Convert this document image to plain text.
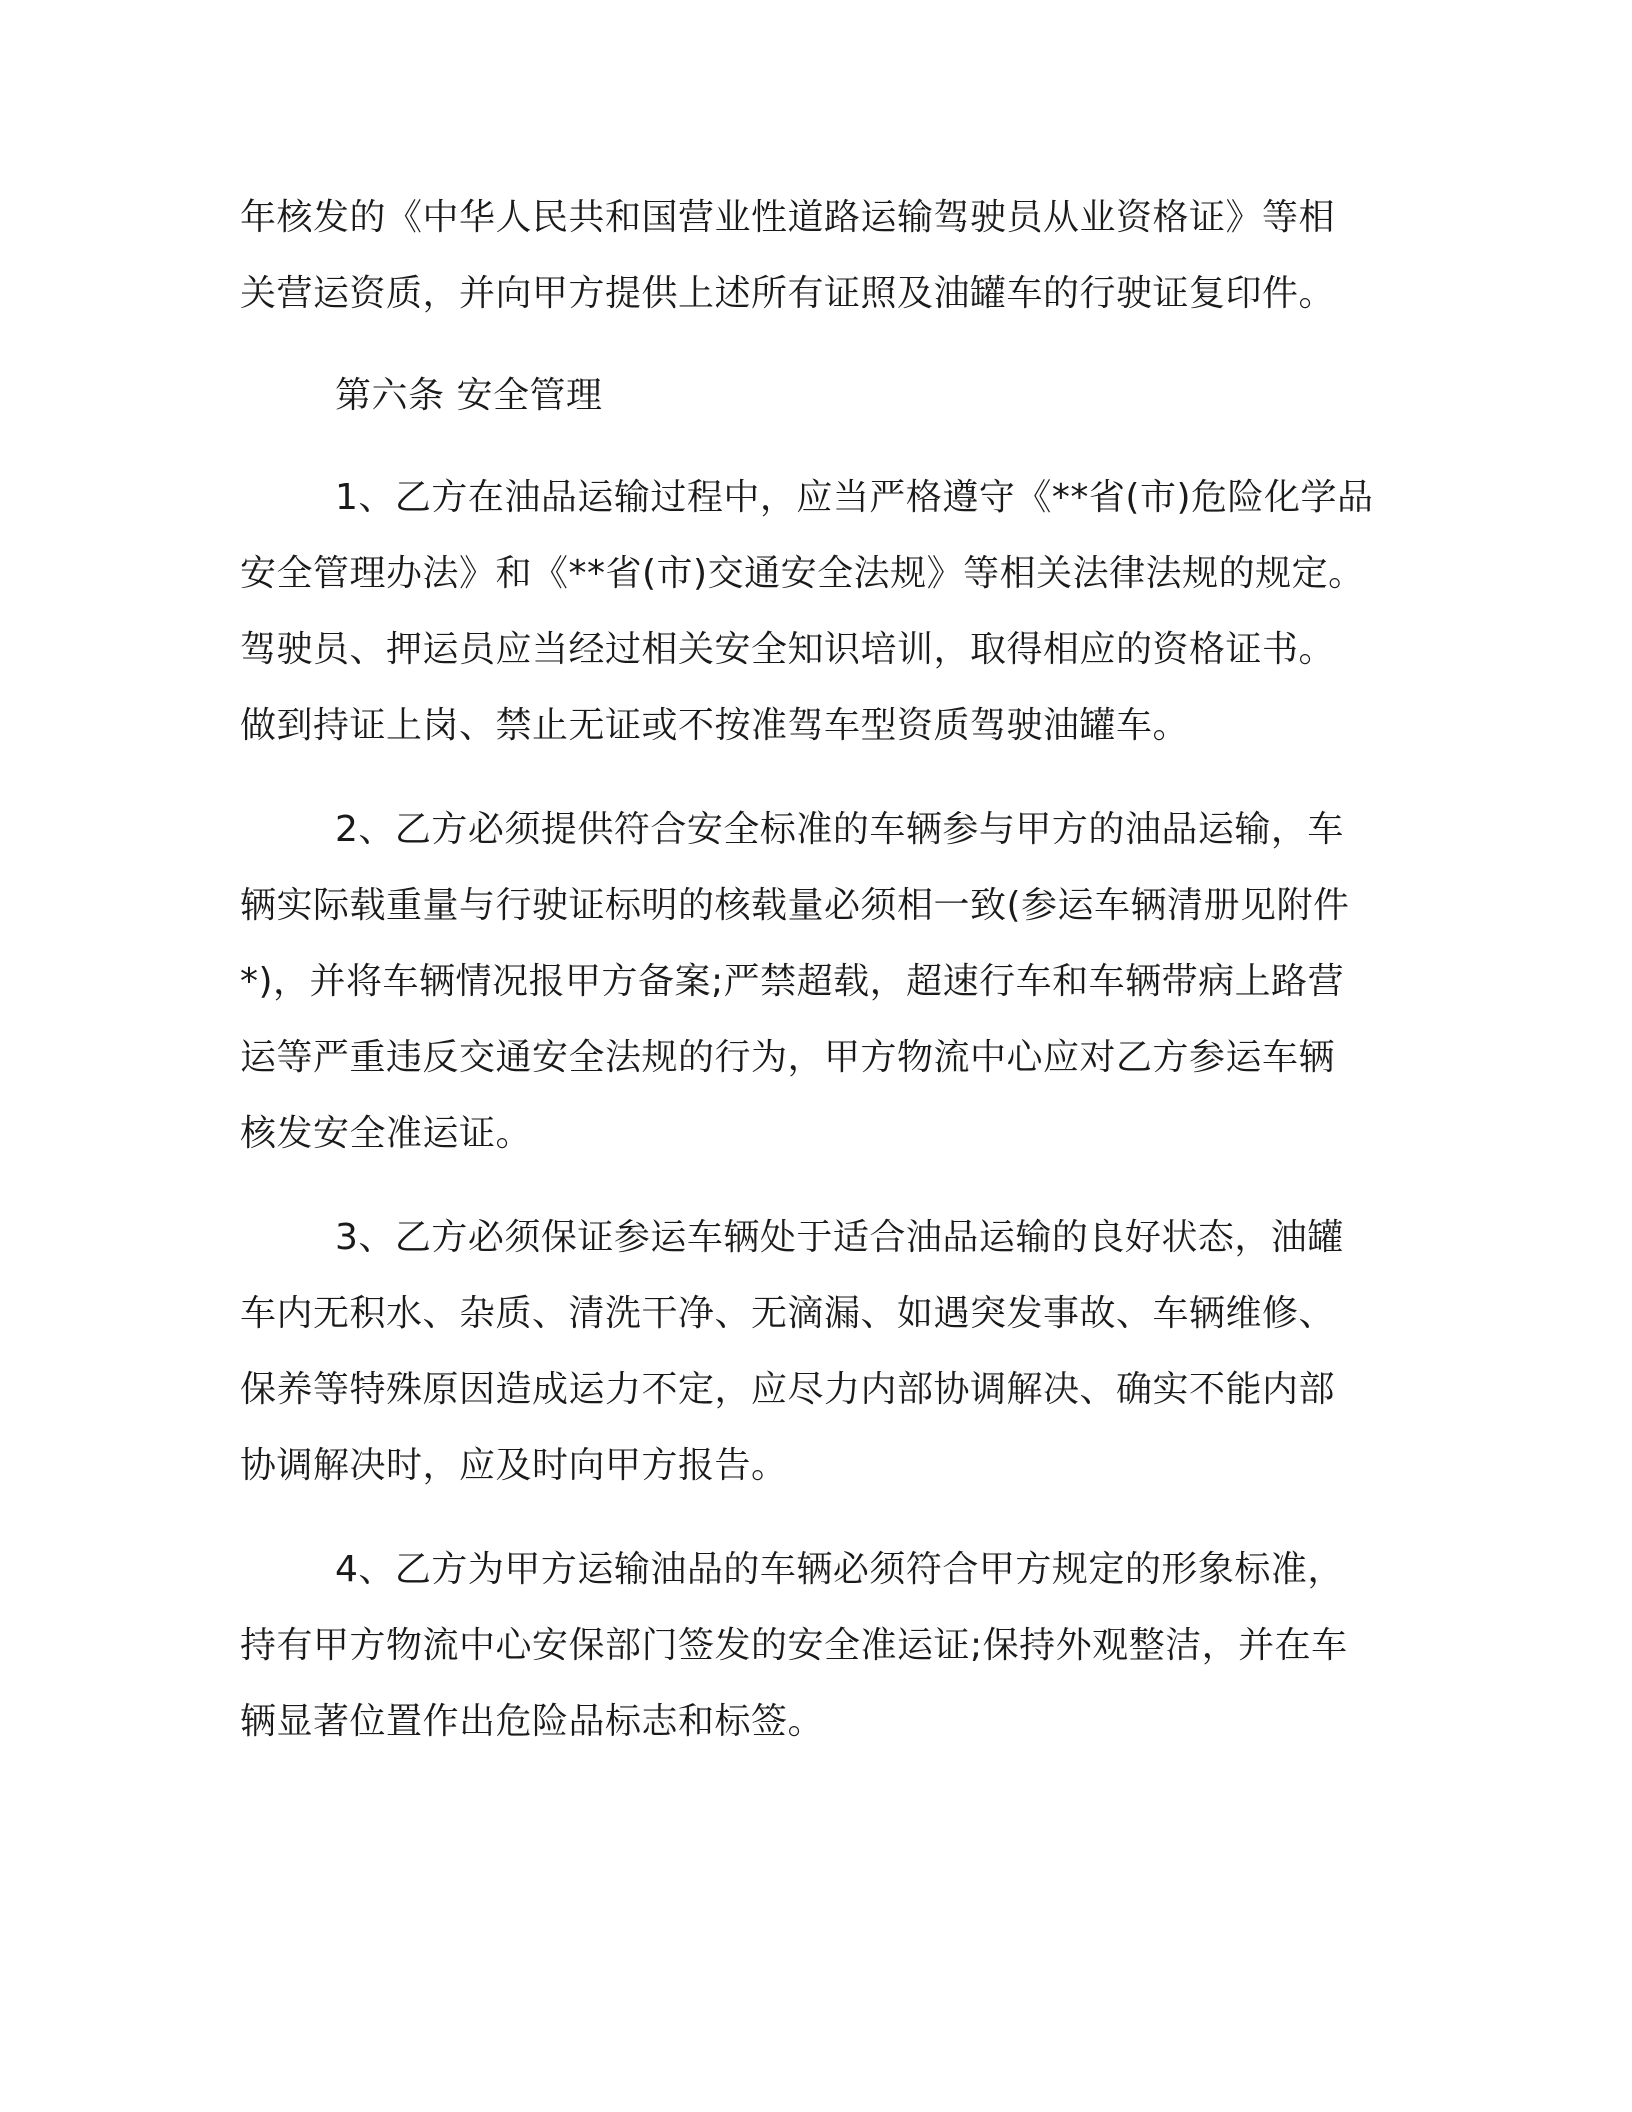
年核发的《中华人民共和国营业性道路运输驾驶员从业资格证》等相
关营运资质，并向甲方提供上述所有证照及油罐车的行驶证复印件。
第六条 安全管理
1、乙方在油品运输过程中，应当严格遵守《**省(市)危险化学品
安全管理办法》和《**省(市)交通安全法规》等相关法律法规的规定。
驾驶员、押运员应当经过相关安全知识培训，取得相应的资格证书。
做到持证上岗、禁止无证或不按准驾车型资质驾驶油罐车。
2、乙方必须提供符合安全标准的车辆参与甲方的油品运输，车
辆实际载重量与行驶证标明的核载量必须相一致(参运车辆清册见附件
*)，并将车辆情况报甲方备案;严禁超载，超速行车和车辆带病上路营
运等严重违反交通安全法规的行为，甲方物流中心应对乙方参运车辆
核发安全准运证。
3、乙方必须保证参运车辆处于适合油品运输的良好状态，油罐
车内无积水、杂质、清洗干净、无滴漏、如遇突发事故、车辆维修、
保养等特殊原因造成运力不定，应尽力内部协调解决、确实不能内部
协调解决时，应及时向甲方报告。
4、乙方为甲方运输油品的车辆必须符合甲方规定的形象标准，
持有甲方物流中心安保部门签发的安全准运证;保持外观整洁，并在车
辆显著位置作出危险品标志和标签。
